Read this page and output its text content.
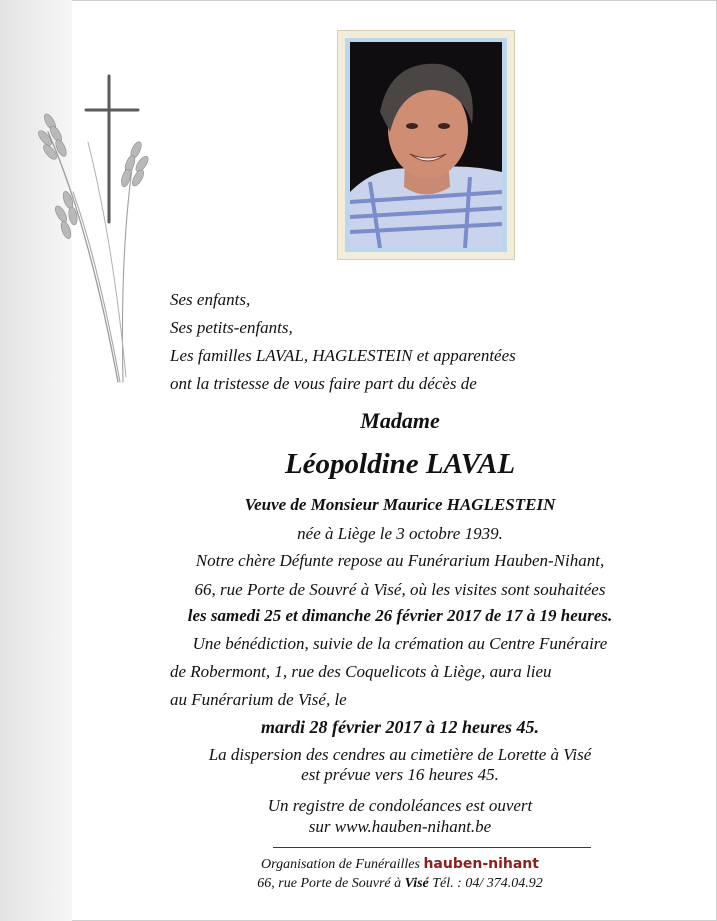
Ses enfants,
Ses petits-enfants,
Les familles LAVAL, HAGLESTEIN et apparentées
ont la tristesse de vous faire part du décès de
Madame
Léopoldine LAVAL
Veuve de Monsieur Maurice HAGLESTEIN
née à Liège le 3 octobre 1939.
Notre chère Défunte repose au Funérarium Hauben-Nihant,
66, rue Porte de Souvré à Visé, où les visites sont souhaitées
les samedi 25 et dimanche 26 février 2017 de 17 à 19 heures.
Une bénédiction, suivie de la crémation au Centre Funéraire
de Robermont, 1, rue des Coquelicots à Liège, aura lieu
au Funérarium de Visé, le
mardi 28 février 2017 à 12 heures 45.
La dispersion des cendres au cimetière de Lorette à Visé
est prévue vers 16 heures 45.
Un registre de condoléances est ouvert
sur www.hauben-nihant.be
Organisation de Funérailles hauben-nihant
66, rue Porte de Souvré à Visé Tél. : 04/ 374.04.92
